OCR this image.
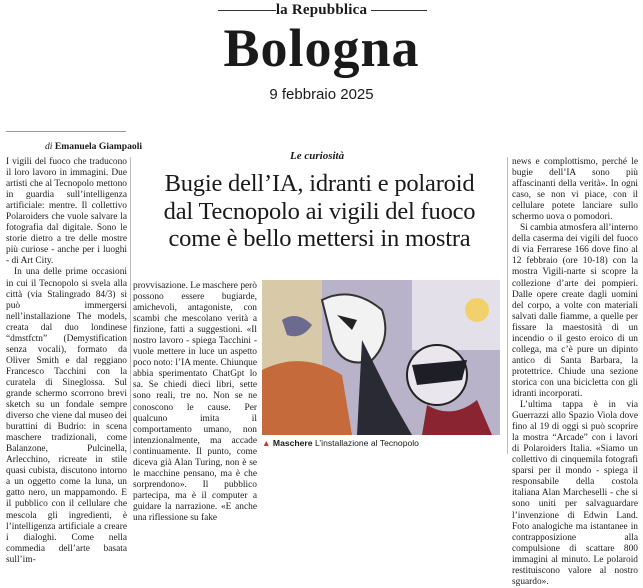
la Repubblica
Bologna
9 febbraio 2025
di Emanuela Giampaoli
Le curiosità
Bugie dell’IA, idranti e polaroid
dal Tecnopolo ai vigili del fuoco
come è bello mettersi in mostra

I vigili del fuoco che traducono il loro lavoro in immagini. Due artisti che al Tecnopolo mettono in guardia sull’intelligenza artificiale: mentre. Il collettivo Polaroiders che vuole salvare la fotografia dal digitale. Sono le storie dietro a tre delle mostre più curiose - anche per i luoghi - di Art City.

In una delle prime occasioni in cui il Tecnopolo si svela alla città (via Stalingrado 84/3) si può immergersi nell’installazione The models, creata dal duo londinese “dmstfctn” (Demystification senza vocali), formato da Oliver Smith e dal reggiano Francesco Tacchini con la curatela di Sineglossa. Sul grande schermo scorrono brevi sketch su un fondale sempre diverso che viene dal museo dei burattini di Budrio: in scena maschere tradizionali, come Balanzone, Pulcinella, Arlecchino, ricreate in stile quasi cubista, discutono intorno a un oggetto come la luna, un gatto nero, un mappamondo. E il pubblico con il cellulare che mescola gli ingredienti, è l’intelligenza artificiale a creare i dialoghi. Come nella commedia dell’arte basata sull’im-

provvisazione. Le maschere però possono essere bugiarde, amichevoli, antagoniste, con scambi che mescolano verità a finzione, fatti a suggestioni. «Il nostro lavoro - spiega Tacchini - vuole mettere in luce un aspetto poco noto: l’IA mente. Chiunque abbia sperimentato ChatGpt lo sa. Se chiedi dieci libri, sette sono reali, tre no. Non se ne conoscono le cause. Per qualcuno imita il comportamento umano, non intenzionalmente, ma accade continuamente. Il punto, come diceva già Alan Turing, non è se le macchine pensano, ma è che sorprendono». Il pubblico partecipa, ma è il computer a guidare la narrazione. «E anche una riflessione su fake

▲ Maschere L’installazione al Tecnopolo

news e complottismo, perché le bugie dell’IA sono più affascinanti della verità». In ogni caso, se non vi piace, con il cellulare potete lanciare sullo schermo uova o pomodori.

Si cambia atmosfera all’interno della caserma dei vigili del fuoco di via Ferrarese 166 dove fino al 12 febbraio (ore 10-18) con la mostra Vigili-narte si scopre la collezione d’arte dei pompieri. Dalle opere create dagli uomini del corpo, a volte con materiali salvati dalle fiamme, a quelle per fissare la maestosità di un incendio o il gesto eroico di un collega, ma c’è pure un dipinto antico di Santa Barbara, la protettrice. Chiude una sezione storica con una bicicletta con gli idranti incorporati.

L’ultima tappa è in via Guerrazzi allo Spazio Viola dove fino al 19 di oggi si può scoprire la mostra “Arcade” con i lavori di Polaroiders Italia. «Siamo un collettivo di cinquemila fotografi sparsi per il mondo - spiega il responsabile della costola italiana Alan Marcheselli - che si sono uniti per salvaguardare l’invenzione di Edwin Land. Foto analogiche ma istantanee in contrapposizione alla compulsione di scattare 800 immagini al minuto. Le polaroid restituiscono valore al nostro sguardo».
